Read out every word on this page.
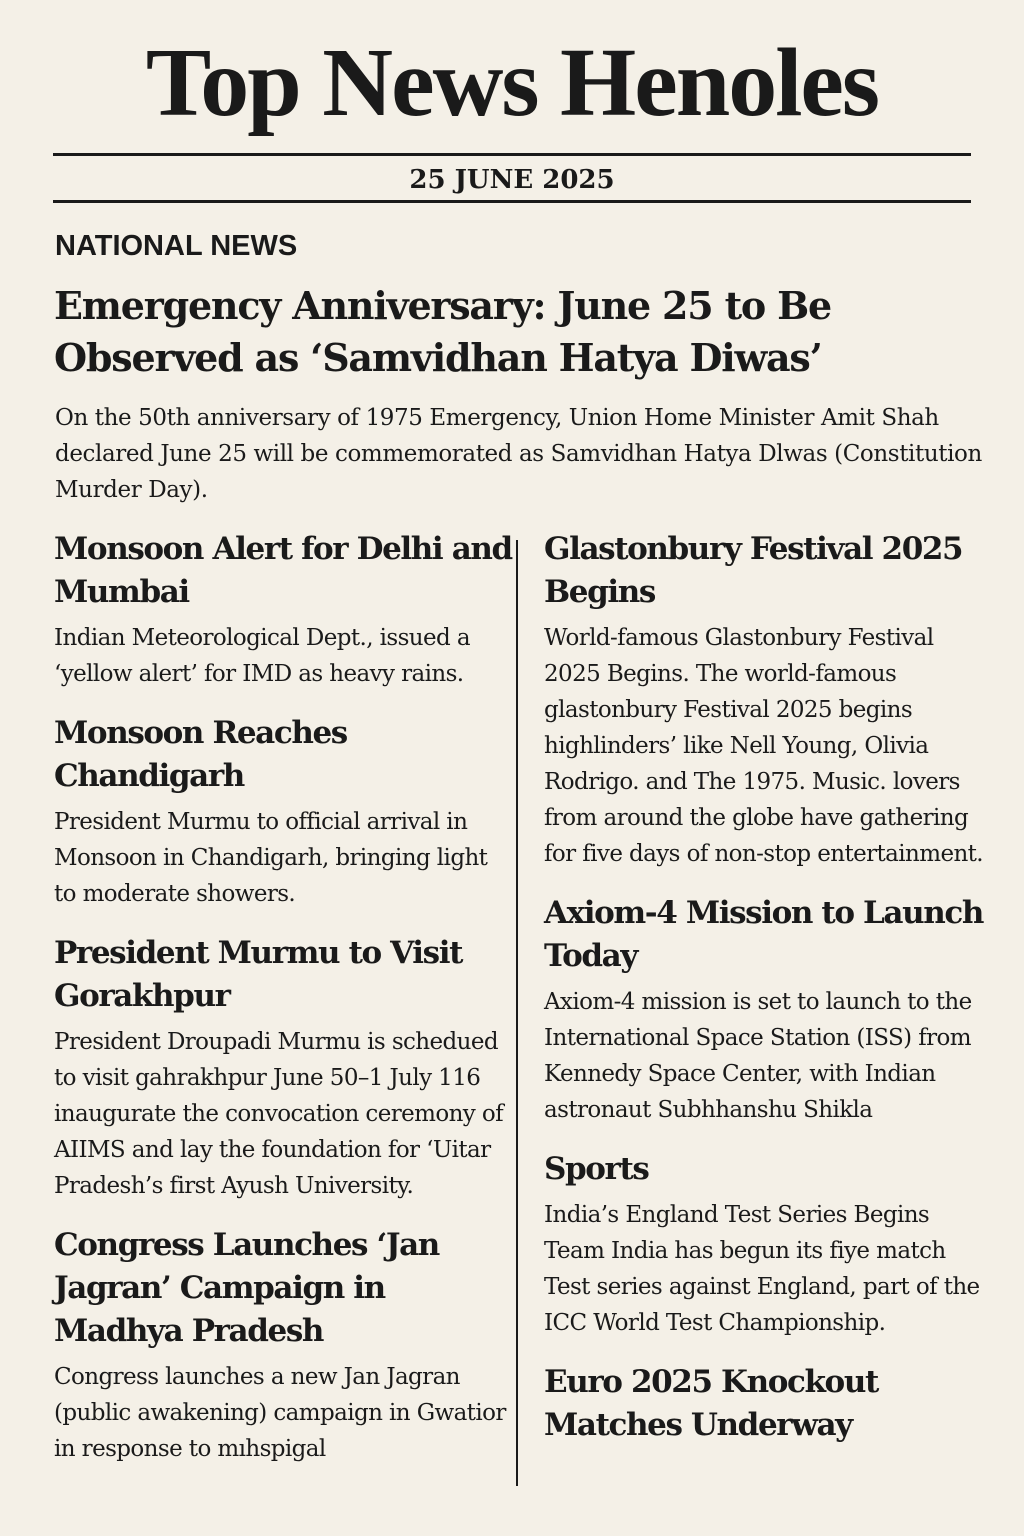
Top News Henoles
25 JUNE 2025
NATIONAL NEWS
Emergency Anniversary: June 25 to Be Observed as ‘Samvidhan Hatya Diwas’

On the 50th anniversary of 1975 Emergency, Union Home Minister Amit Shah declared June 25 will be commemorated as Samvidhan Hatya Dlwas (Constitution Murder Day).

Monsoon Alert for Delhi and Mumbai

Indian Meteorological Dept., issued a ‘yellow alert’ for IMD as heavy rains.

Monsoon Reaches Chandigarh

President Murmu to official arrival in Monsoon in Chandigarh, bringing light to moderate showers.

President Murmu to Visit Gorakhpur

President Droupadi Murmu is schedued to visit gahrakhpur June 50–1 July 116 inaugurate the convocation ceremony of AIIMS and lay the foundation for ‘Uitar Pradesh’s first Ayush University.

Congress Launches ‘Jan Jagran’ Campaign in Madhya Pradesh

Congress launches a new Jan Jagran (public awakening) campaign in Gwatior in response to mıhspigal

Glastonbury Festival 2025 Begins

World-famous Glastonbury Festival 2025 Begins. The world-famous glastonbury Festival 2025 begins highlinders’ like Nell Young, Olivia Rodrigo. and The 1975. Music. lovers from around the globe have gathering for five days of non-stop entertainment.

Axiom-4 Mission to Launch Today

Axiom-4 mission is set to launch to the International Space Station (ISS) from Kennedy Space Center, with Indian astronaut Subhhanshu Shikla

Sports

India’s England Test Series Begins Team India has begun its fiye match Test series against England, part of the ICC World Test Championship.

Euro 2025 Knockout Matches Underway
